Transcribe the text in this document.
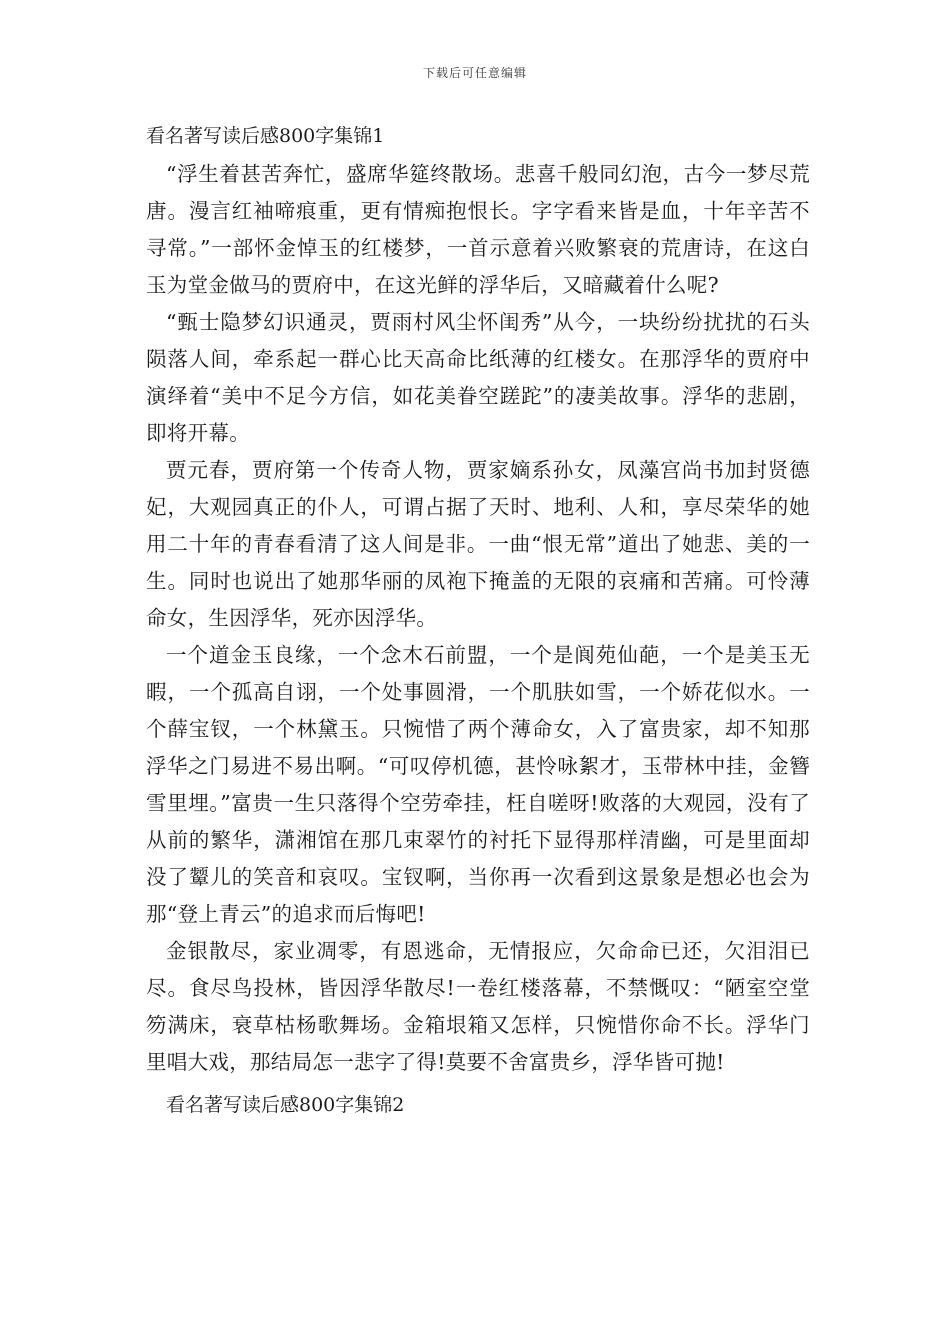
下载后可任意编辑

看名著写读后感800字集锦1

“浮生着甚苦奔忙，盛席华筵终散场。悲喜千般同幻泡，古今一梦尽荒唐。漫言红袖啼痕重，更有情痴抱恨长。字字看来皆是血，十年辛苦不寻常。”一部怀金悼玉的红楼梦，一首示意着兴败繁衰的荒唐诗，在这白玉为堂金做马的贾府中，在这光鲜的浮华后，又暗藏着什么呢?

“甄士隐梦幻识通灵，贾雨村风尘怀闺秀”从今，一块纷纷扰扰的石头陨落人间，牵系起一群心比天高命比纸薄的红楼女。在那浮华的贾府中演绎着“美中不足今方信，如花美眷空蹉跎”的凄美故事。浮华的悲剧，即将开幕。

贾元春，贾府第一个传奇人物，贾家嫡系孙女，凤藻宫尚书加封贤德妃，大观园真正的仆人，可谓占据了天时、地利、人和，享尽荣华的她用二十年的青春看清了这人间是非。一曲“恨无常”道出了她悲、美的一生。同时也说出了她那华丽的凤袍下掩盖的无限的哀痛和苦痛。可怜薄命女，生因浮华，死亦因浮华。

一个道金玉良缘，一个念木石前盟，一个是阆苑仙葩，一个是美玉无暇，一个孤高自诩，一个处事圆滑，一个肌肤如雪，一个娇花似水。一个薛宝钗，一个林黛玉。只惋惜了两个薄命女，入了富贵家，却不知那浮华之门易进不易出啊。“可叹停机德，甚怜咏絮才，玉带林中挂，金簪雪里埋。”富贵一生只落得个空劳牵挂，枉自嗟呀!败落的大观园，没有了从前的繁华，潇湘馆在那几束翠竹的衬托下显得那样清幽，可是里面却没了颦儿的笑音和哀叹。宝钗啊，当你再一次看到这景象是想必也会为那“登上青云”的追求而后悔吧!

金银散尽，家业凋零，有恩逃命，无情报应，欠命命已还，欠泪泪已尽。食尽鸟投林，皆因浮华散尽!一卷红楼落幕，不禁慨叹：“陋室空堂笏满床，衰草枯杨歌舞场。金箱垠箱又怎样，只惋惜你命不长。浮华门里唱大戏，那结局怎一悲字了得!莫要不舍富贵乡，浮华皆可抛!

看名著写读后感800字集锦2
